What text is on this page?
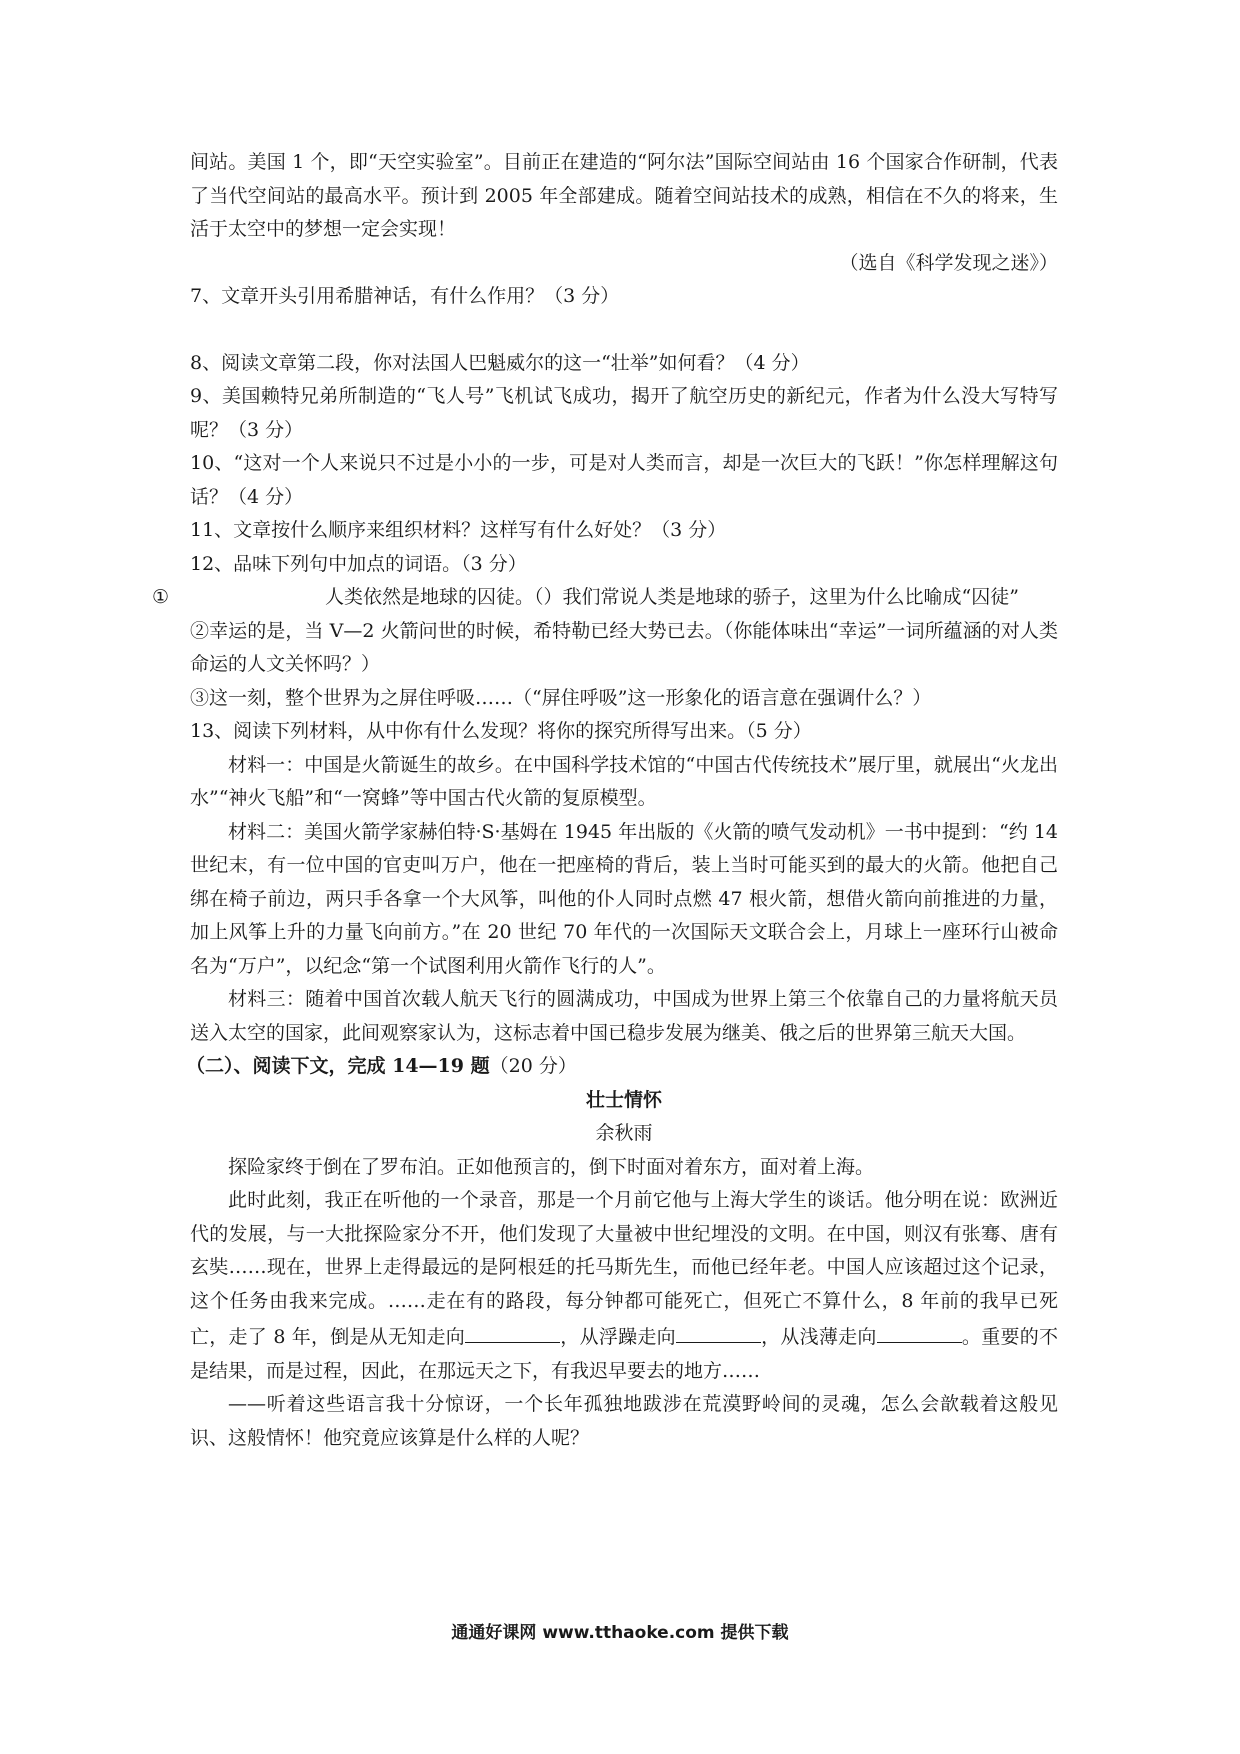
间站。美国 1 个，即“天空实验室”。目前正在建造的“阿尔法”国际空间站由 16 个国家合作研制，代表了当代空间站的最高水平。预计到 2005 年全部建成。随着空间站技术的成熟，相信在不久的将来，生活于太空中的梦想一定会实现！

（选自《科学发现之迷》）

7、文章开头引用希腊神话，有什么作用？（3 分）

8、阅读文章第二段，你对法国人巴魁威尔的这一“壮举”如何看？（4 分）

9、美国赖特兄弟所制造的“飞人号”飞机试飞成功，揭开了航空历史的新纪元，作者为什么没大写特写呢？（3 分）

10、“这对一个人来说只不过是小小的一步，可是对人类而言，却是一次巨大的飞跃！”你怎样理解这句话？（4 分）

11、文章按什么顺序来组织材料？这样写有什么好处？（3 分）

12、品味下列句中加点的词语。（3 分）

①	人类依然是地球的囚徒。（）我们常说人类是地球的骄子，这里为什么比喻成“囚徒”

②幸运的是，当 V—2 火箭问世的时候，希特勒已经大势已去。（你能体味出“幸运”一词所蕴涵的对人类命运的人文关怀吗？）

③这一刻，整个世界为之屏住呼吸……（“屏住呼吸”这一形象化的语言意在强调什么？）

13、阅读下列材料，从中你有什么发现？将你的探究所得写出来。（5 分）

材料一：中国是火箭诞生的故乡。在中国科学技术馆的“中国古代传统技术”展厅里，就展出“火龙出水”“神火飞船”和“一窝蜂”等中国古代火箭的复原模型。

材料二：美国火箭学家赫伯特·S·基姆在 1945 年出版的《火箭的喷气发动机》一书中提到：“约 14 世纪末，有一位中国的官吏叫万户，他在一把座椅的背后，装上当时可能买到的最大的火箭。他把自己绑在椅子前边，两只手各拿一个大风筝，叫他的仆人同时点燃 47 根火箭，想借火箭向前推进的力量，加上风筝上升的力量飞向前方。”在 20 世纪 70 年代的一次国际天文联合会上，月球上一座环行山被命名为“万户”，以纪念“第一个试图利用火箭作飞行的人”。

材料三：随着中国首次载人航天飞行的圆满成功，中国成为世界上第三个依靠自己的力量将航天员送入太空的国家，此间观察家认为，这标志着中国已稳步发展为继美、俄之后的世界第三航天大国。

（二）、阅读下文，完成 14—19 题（20 分）

壮士情怀

余秋雨

探险家终于倒在了罗布泊。正如他预言的，倒下时面对着东方，面对着上海。

此时此刻，我正在听他的一个录音，那是一个月前它他与上海大学生的谈话。他分明在说：欧洲近代的发展，与一大批探险家分不开，他们发现了大量被中世纪埋没的文明。在中国，则汉有张骞、唐有玄奘……现在，世界上走得最远的是阿根廷的托马斯先生，而他已经年老。中国人应该超过这个记录，这个任务由我来完成。……走在有的路段，每分钟都可能死亡，但死亡不算什么，8 年前的我早已死亡，走了 8 年，倒是从无知走向	，从浮躁走向	，从浅薄走向	。重要的不是结果，而是过程，因此，在那远天之下，有我迟早要去的地方……

——听着这些语言我十分惊讶，一个长年孤独地跋涉在荒漠野岭间的灵魂，怎么会歆载着这般见识、这般情怀！他究竟应该算是什么样的人呢？

通通好课网 www.tthaoke.com 提供下载
